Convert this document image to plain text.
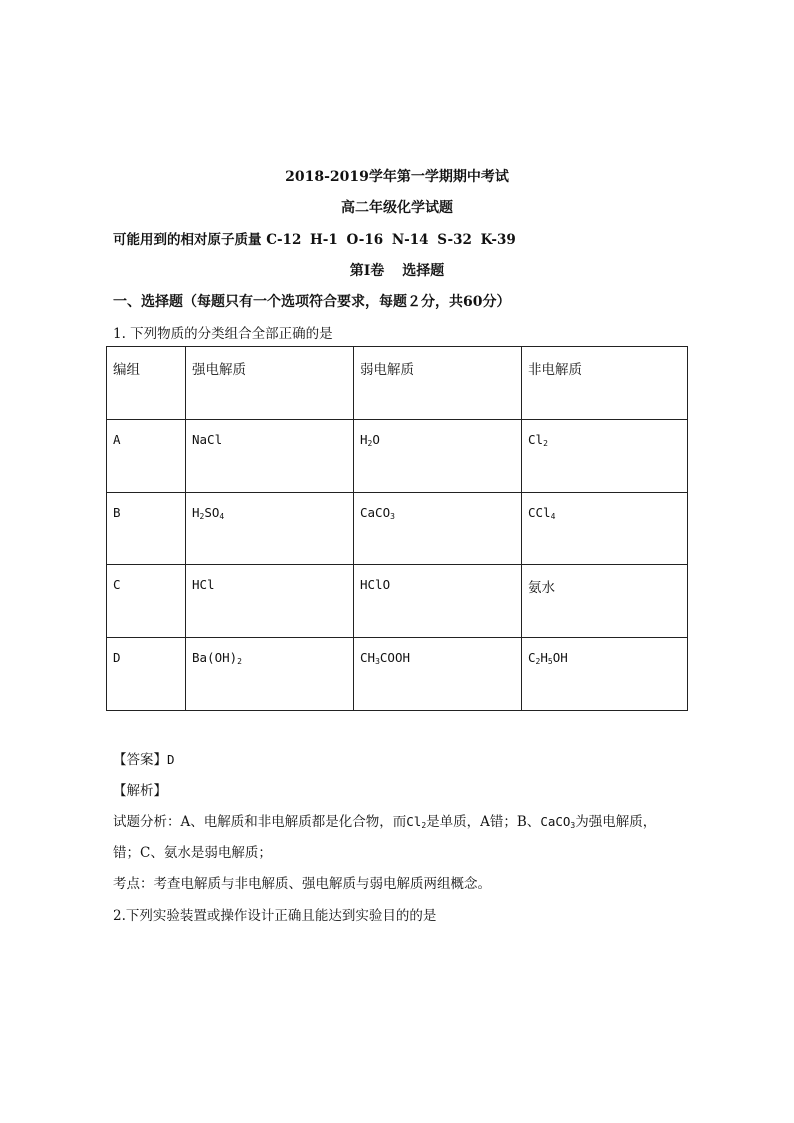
2018-2019学年第一学期期中考试
高二年级化学试题
可能用到的相对原子质量 C-12 H-1 O-16 N-14 S-32 K-39
第Ⅰ卷 选择题
一、选择题（每题只有一个选项符合要求，每题２分，共60分）
1. 下列物质的分类组合全部正确的是
编组	强电解质	弱电解质	非电解质
A	NaCl	$H_2O$	$Cl_2$
B	$H_2SO_4$	CaCO$_3$	CCl$_4$
C	HCl	HClO	氨水
D	$Ba(OH)_2$	$CH_3COOH$	$C_2H_5OH$
【答案】D
【解析】
试题分析：A、电解质和非电解质都是化合物，而$Cl_2$是单质，A错；B、CaCO$_3$为强电解质，
错；C、氨水是弱电解质；
考点：考查电解质与非电解质、强电解质与弱电解质两组概念。
2.下列实验装置或操作设计正确且能达到实验目的的是
